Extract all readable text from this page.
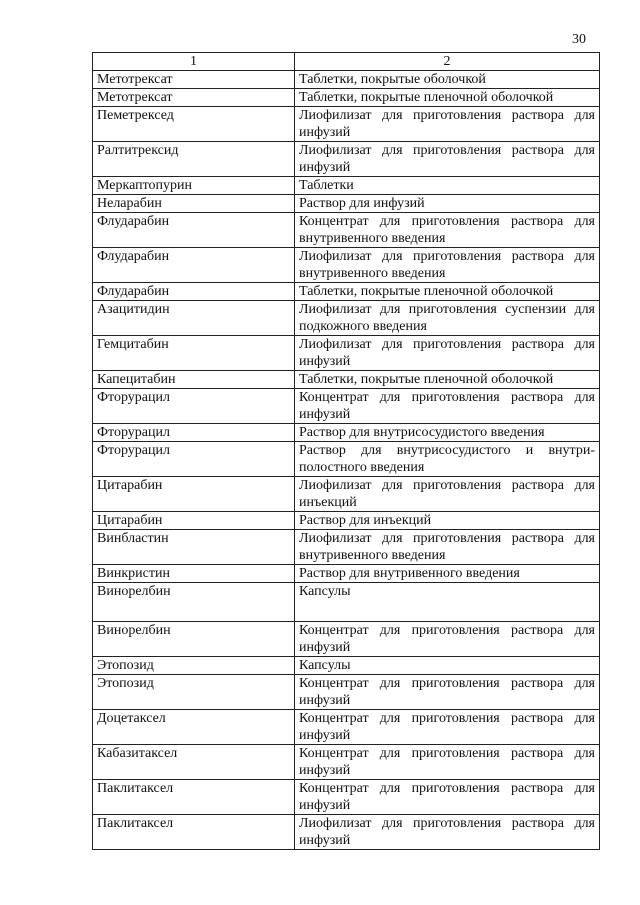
30
1	2
Метотрексат	Таблетки, покрытые оболочкой
Метотрексат	Таблетки, покрытые пленочной оболочкой
Пеметрексед	Лиофилизат для приготовления раствора для инфузий
Ралтитрексид	Лиофилизат для приготовления раствора для инфузий
Меркаптопурин	Таблетки
Неларабин	Раствор для инфузий
Флударабин	Концентрат для приготовления раствора для внутривенного введения
Флударабин	Лиофилизат для приготовления раствора для внутривенного введения
Флударабин	Таблетки, покрытые пленочной оболочкой
Азацитидин	Лиофилизат для приготовления суспензии для подкожного введения
Гемцитабин	Лиофилизат для приготовления раствора для инфузий
Капецитабин	Таблетки, покрытые пленочной оболочкой
Фторурацил	Концентрат для приготовления раствора для инфузий
Фторурацил	Раствор для внутрисосудистого введения
Фторурацил	Раствор для внутрисосудистого и внутри-полостного введения
Цитарабин	Лиофилизат для приготовления раствора для инъекций
Цитарабин	Раствор для инъекций
Винбластин	Лиофилизат для приготовления раствора для внутривенного введения
Винкристин	Раствор для внутривенного введения
Винорелбин	Капсулы
Винорелбин	Концентрат для приготовления раствора для инфузий
Этопозид	Капсулы
Этопозид	Концентрат для приготовления раствора для инфузий
Доцетаксел	Концентрат для приготовления раствора для инфузий
Кабазитаксел	Концентрат для приготовления раствора для инфузий
Паклитаксел	Концентрат для приготовления раствора для инфузий
Паклитаксел	Лиофилизат для приготовления раствора для инфузий
